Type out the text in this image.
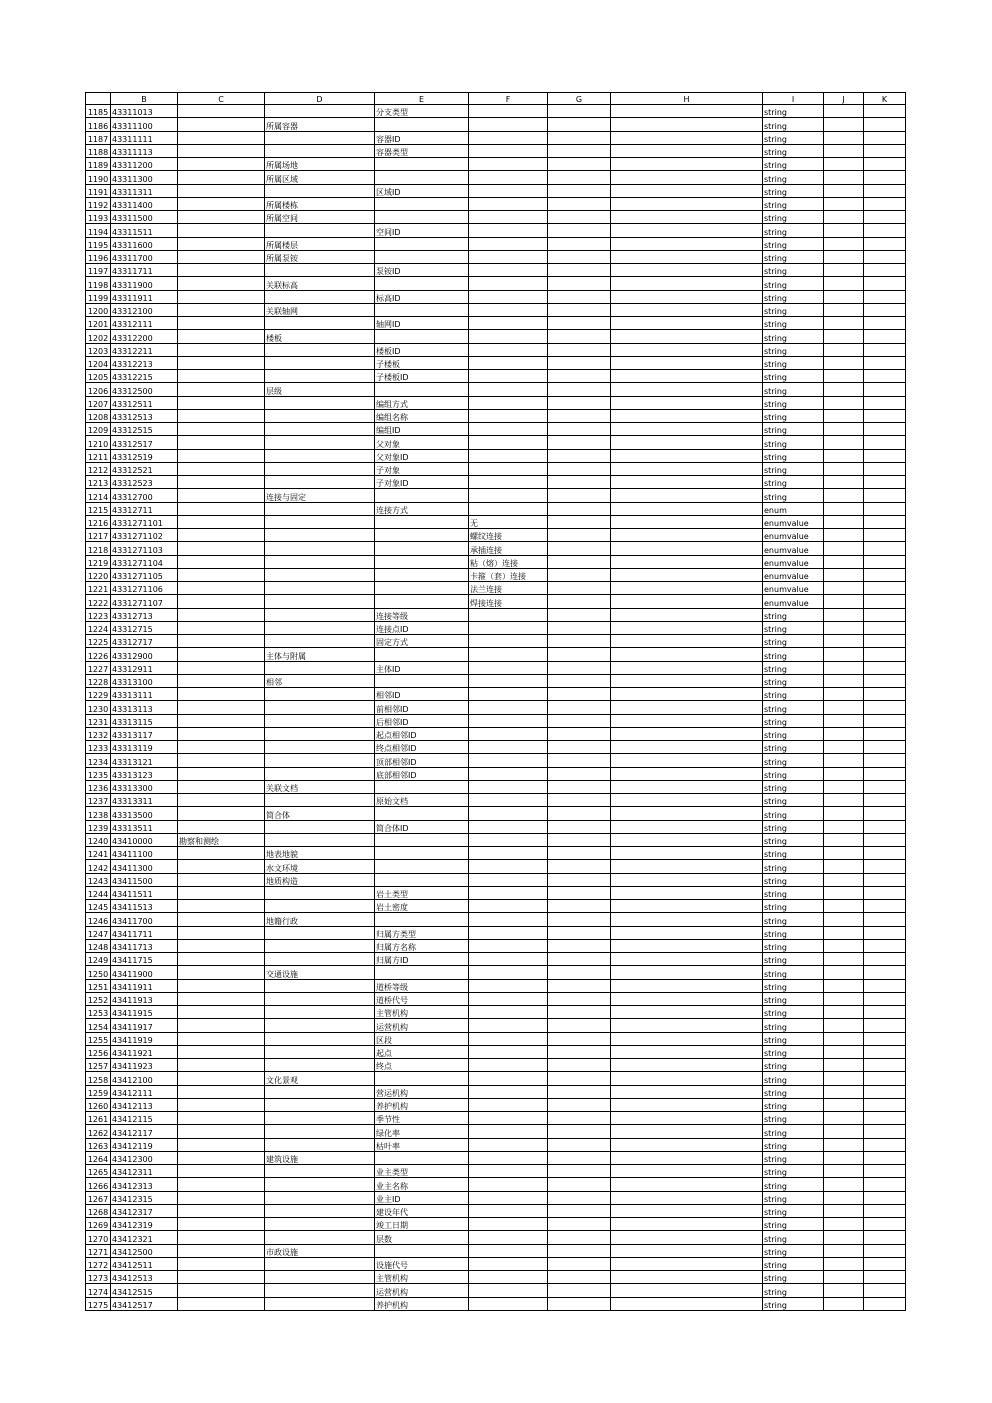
	B	C	D	E	F	G	H	I	J	K
1185	43311013			分支类型				string		
1186	43311100		所属容器					string		
1187	43311111			容器ID				string		
1188	43311113			容器类型				string		
1189	43311200		所属场地					string		
1190	43311300		所属区域					string		
1191	43311311			区域ID				string		
1192	43311400		所属楼栋					string		
1193	43311500		所属空间					string		
1194	43311511			空间ID				string		
1195	43311600		所属楼层					string		
1196	43311700		所属泵铵					string		
1197	43311711			泵铵ID				string		
1198	43311900		关联标高					string		
1199	43311911			标高ID				string		
1200	43312100		关联轴网					string		
1201	43312111			轴网ID				string		
1202	43312200		楼板					string		
1203	43312211			楼板ID				string		
1204	43312213			子楼板				string		
1205	43312215			子楼板ID				string		
1206	43312500		层级					string		
1207	43312511			编组方式				string		
1208	43312513			编组名称				string		
1209	43312515			编组ID				string		
1210	43312517			父对象				string		
1211	43312519			父对象ID				string		
1212	43312521			子对象				string		
1213	43312523			子对象ID				string		
1214	43312700		连接与固定					string		
1215	43312711			连接方式				enum		
1216	4331271101				无			enumvalue		
1217	4331271102				螺纹连接			enumvalue		
1218	4331271103				承插连接			enumvalue		
1219	4331271104				粘（熔）连接			enumvalue		
1220	4331271105				卡箍（套）连接			enumvalue		
1221	4331271106				法兰连接			enumvalue		
1222	4331271107				焊接连接			enumvalue		
1223	43312713			连接等级				string		
1224	43312715			连接点ID				string		
1225	43312717			固定方式				string		
1226	43312900		主体与附属					string		
1227	43312911			主体ID				string		
1228	43313100		相邻					string		
1229	43313111			相邻ID				string		
1230	43313113			前相邻ID				string		
1231	43313115			后相邻ID				string		
1232	43313117			起点相邻ID				string		
1233	43313119			终点相邻ID				string		
1234	43313121			顶部相邻ID				string		
1235	43313123			底部相邻ID				string		
1236	43313300		关联文档					string		
1237	43313311			原始文档				string		
1238	43313500		简合体					string		
1239	43313511			简合体ID				string		
1240	43410000	勘察和测绘						string		
1241	43411100		地表地貌					string		
1242	43411300		水文环境					string		
1243	43411500		地质构造					string		
1244	43411511			岩土类型				string		
1245	43411513			岩土密度				string		
1246	43411700		地籍行政					string		
1247	43411711			归属方类型				string		
1248	43411713			归属方名称				string		
1249	43411715			归属方ID				string		
1250	43411900		交通设施					string		
1251	43411911			道桥等级				string		
1252	43411913			道桥代号				string		
1253	43411915			主管机构				string		
1254	43411917			运营机构				string		
1255	43411919			区段				string		
1256	43411921			起点				string		
1257	43411923			终点				string		
1258	43412100		文化景观					string		
1259	43412111			营运机构				string		
1260	43412113			养护机构				string		
1261	43412115			季节性				string		
1262	43412117			绿化率				string		
1263	43412119			枯叶率				string		
1264	43412300		建筑设施					string		
1265	43412311			业主类型				string		
1266	43412313			业主名称				string		
1267	43412315			业主ID				string		
1268	43412317			建设年代				string		
1269	43412319			竣工日期				string		
1270	43412321			层数				string		
1271	43412500		市政设施					string		
1272	43412511			设施代号				string		
1273	43412513			主管机构				string		
1274	43412515			运营机构				string		
1275	43412517			养护机构				string		
